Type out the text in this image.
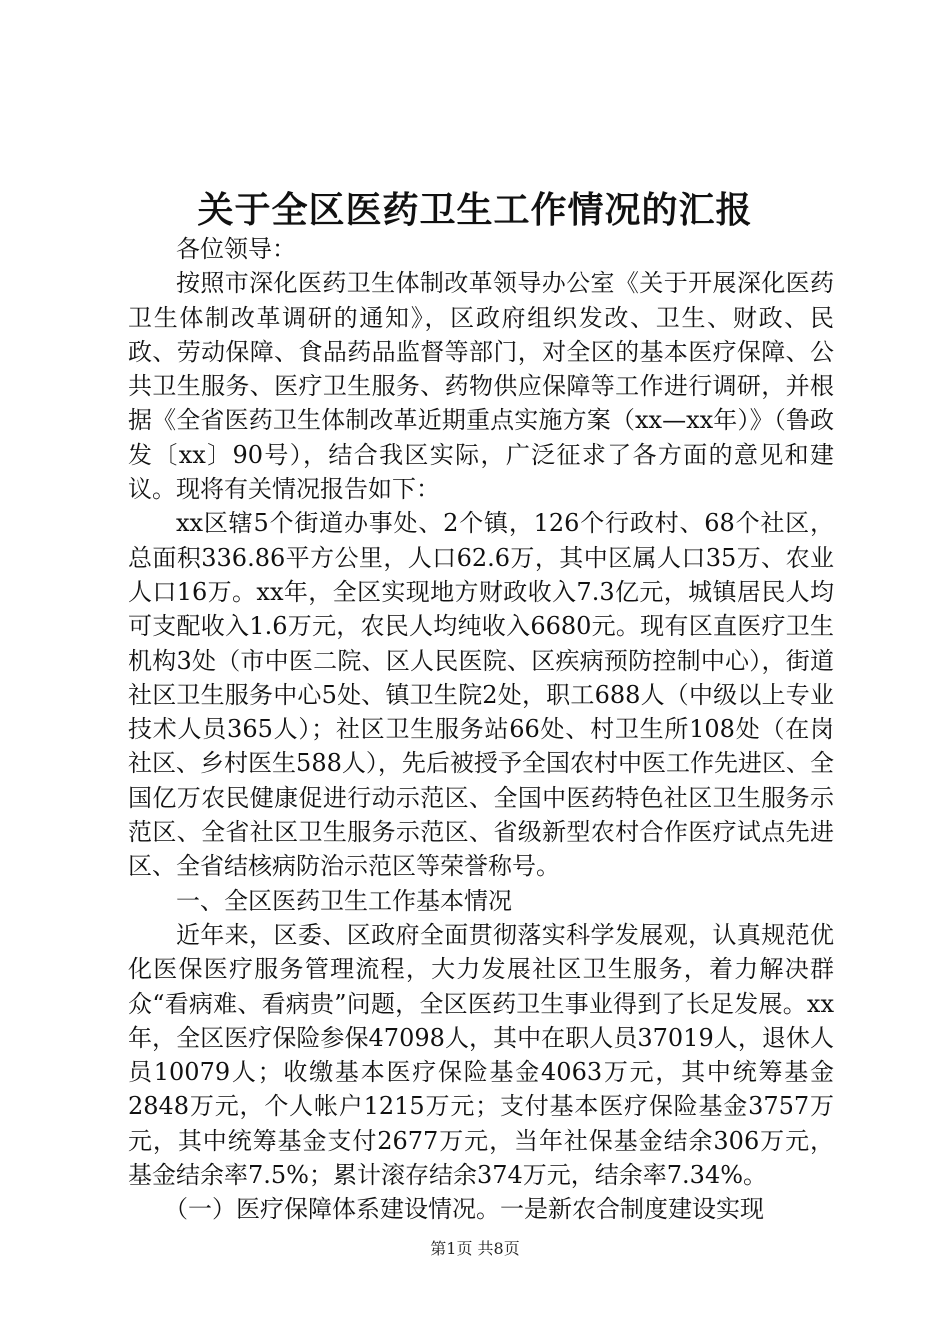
关于全区医药卫生工作情况的汇报

各位领导：

按照市深化医药卫生体制改革领导办公室《关于开展深化医药卫生体制改革调研的通知》，区政府组织发改、卫生、财政、民政、劳动保障、食品药品监督等部门，对全区的基本医疗保障、公共卫生服务、医疗卫生服务、药物供应保障等工作进行调研，并根据《全省医药卫生体制改革近期重点实施方案（xx—xx年）》（鲁政发〔xx〕90号），结合我区实际，广泛征求了各方面的意见和建议。现将有关情况报告如下：

xx区辖5个街道办事处、2个镇，126个行政村、68个社区，总面积336.86平方公里，人口62.6万，其中区属人口35万、农业人口16万。xx年，全区实现地方财政收入7.3亿元，城镇居民人均可支配收入1.6万元，农民人均纯收入6680元。现有区直医疗卫生机构3处（市中医二院、区人民医院、区疾病预防控制中心），街道社区卫生服务中心5处、镇卫生院2处，职工688人（中级以上专业技术人员365人）；社区卫生服务站66处、村卫生所108处（在岗社区、乡村医生588人），先后被授予全国农村中医工作先进区、全国亿万农民健康促进行动示范区、全国中医药特色社区卫生服务示范区、全省社区卫生服务示范区、省级新型农村合作医疗试点先进区、全省结核病防治示范区等荣誉称号。

一、全区医药卫生工作基本情况

近年来，区委、区政府全面贯彻落实科学发展观，认真规范优化医保医疗服务管理流程，大力发展社区卫生服务，着力解决群众“看病难、看病贵”问题，全区医药卫生事业得到了长足发展。xx年，全区医疗保险参保47098人，其中在职人员37019人，退休人员10079人；收缴基本医疗保险基金4063万元，其中统筹基金2848万元，个人帐户1215万元；支付基本医疗保险基金3757万元，其中统筹基金支付2677万元，当年社保基金结余306万元，基金结余率7.5%；累计滚存结余374万元，结余率7.34%。

（一）医疗保障体系建设情况。一是新农合制度建设实现

第1页 共8页
